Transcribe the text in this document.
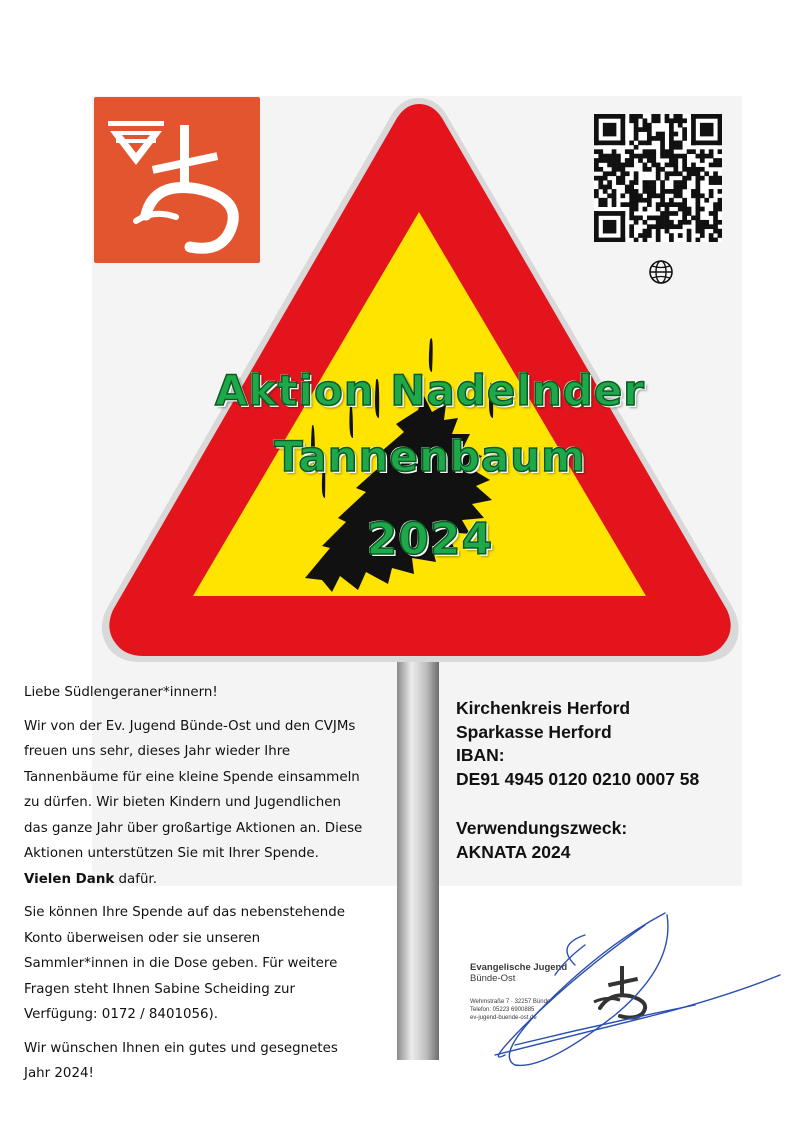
Aktion Nadelnder
Tannenbaum
2024

Liebe Südlengeraner*innern!

Wir von der Ev. Jugend Bünde-Ost und den CVJMs freuen uns sehr, dieses Jahr wieder Ihre Tannenbäume für eine kleine Spende einsammeln zu dürfen. Wir bieten Kindern und Jugendlichen das ganze Jahr über großartige Aktionen an. Diese Aktionen unterstützen Sie mit Ihrer Spende. Vielen Dank dafür.

Sie können Ihre Spende auf das nebenstehende Konto überweisen oder sie unseren Sammler*innen in die Dose geben. Für weitere Fragen steht Ihnen Sabine Scheiding zur Verfügung: 0172 / 8401056).

Wir wünschen Ihnen ein gutes und gesegnetes Jahr 2024!

Kirchenkreis Herford
Sparkasse Herford
IBAN:
DE91 4945 0120 0210 0007 58
Verwendungszweck:
AKNATA 2024
Evangelische Jugend
Bünde-Ost
Wehmstraße 7 · 32257 Bünde
Telefon: 05223 6900885
ev-jugend-buende-ost.de
